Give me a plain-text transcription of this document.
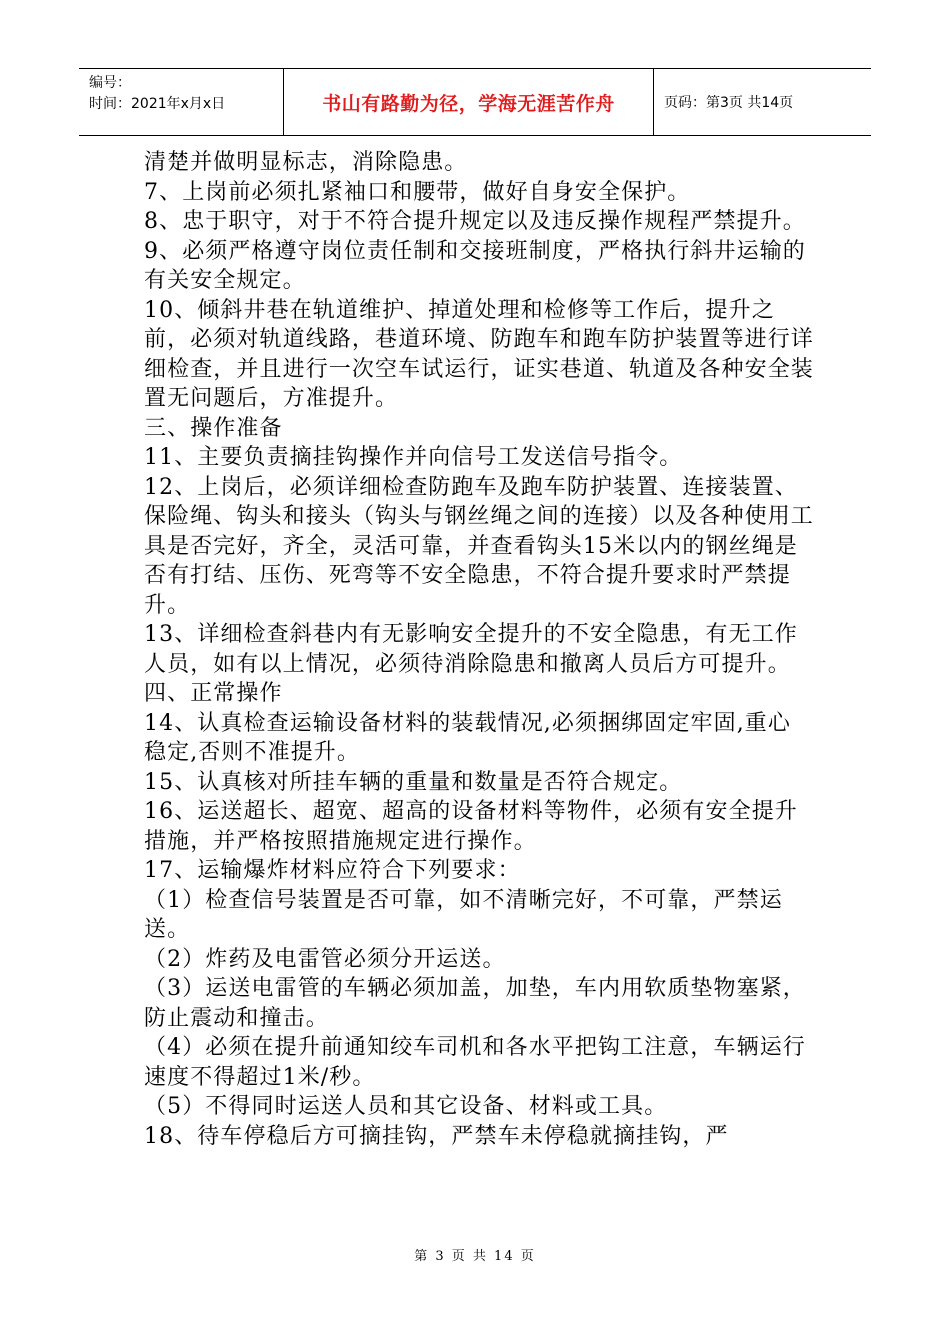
编号：
时间：2021年x月x日	书山有路勤为径，学海无涯苦作舟	页码：第3页 共14页

清楚并做明显标志，消除隐患。

7、上岗前必须扎紧袖口和腰带，做好自身安全保护。

8、忠于职守，对于不符合提升规定以及违反操作规程严禁提升。

9、必须严格遵守岗位责任制和交接班制度，严格执行斜井运输的有关安全规定。

10、倾斜井巷在轨道维护、掉道处理和检修等工作后，提升之前，必须对轨道线路，巷道环境、防跑车和跑车防护装置等进行详细检查，并且进行一次空车试运行，证实巷道、轨道及各种安全装置无问题后，方准提升。

三、操作准备

11、主要负责摘挂钩操作并向信号工发送信号指令。

12、上岗后，必须详细检查防跑车及跑车防护装置、连接装置、保险绳、钩头和接头（钩头与钢丝绳之间的连接）以及各种使用工具是否完好，齐全，灵活可靠，并查看钩头15米以内的钢丝绳是否有打结、压伤、死弯等不安全隐患，不符合提升要求时严禁提升。

13、详细检查斜巷内有无影响安全提升的不安全隐患，有无工作人员，如有以上情况，必须待消除隐患和撤离人员后方可提升。

四、正常操作

14、认真检查运输设备材料的装载情况,必须捆绑固定牢固,重心稳定,否则不准提升。

15、认真核对所挂车辆的重量和数量是否符合规定。

16、运送超长、超宽、超高的设备材料等物件，必须有安全提升措施，并严格按照措施规定进行操作。

17、运输爆炸材料应符合下列要求：

（1）检查信号装置是否可靠，如不清晰完好，不可靠，严禁运送。

（2）炸药及电雷管必须分开运送。

（3）运送电雷管的车辆必须加盖，加垫，车内用软质垫物塞紧，防止震动和撞击。

（4）必须在提升前通知绞车司机和各水平把钩工注意，车辆运行速度不得超过1米/秒。

（5）不得同时运送人员和其它设备、材料或工具。

18、待车停稳后方可摘挂钩，严禁车未停稳就摘挂钩，严

第 3 页 共 14 页
